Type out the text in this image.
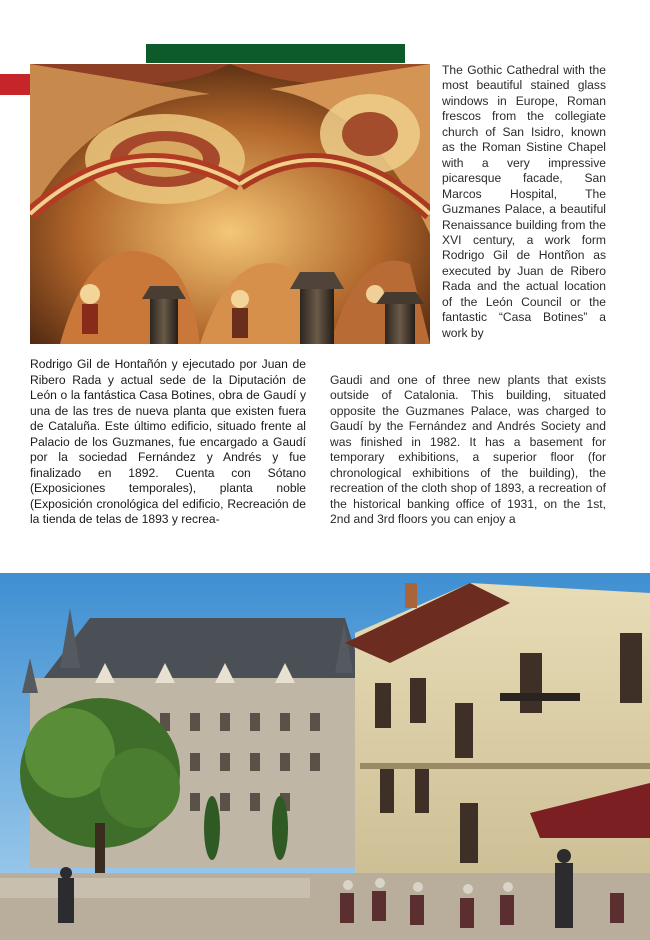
The Gothic Cathedral with the most beautiful stained glass windows in Europe, Roman frescos from the collegiate church of San Isidro, known as the Roman Sistine Chapel with a very impressive picaresque facade, San Marcos Hospital, The Guzmanes Palace, a beautiful Renaissance building from the XVI century, a work form Rodrigo Gil de Hontñon as executed by Juan de Ribero Rada and the actual location of the León Council or the fantastic “Casa Botines” a work by

Rodrigo Gil de Hontañón y ejecutado por Juan de Ribero Rada y actual sede de la Diputación de León o la fantástica Casa Botines, obra de Gaudí y una de las tres de nueva planta que existen fuera de Cataluña. Este último edificio, situado frente al Palacio de los Guzmanes, fue encargado a Gaudí por la sociedad Fernández y Andrés y fue finalizado en 1892. Cuenta con Sótano (Exposiciones temporales), planta noble (Exposición cronológica del edificio, Recreación de la tienda de telas de 1893 y recrea-

Gaudi and one of three new plants that exists outside of Catalonia. This building, situated opposite the Guzmanes Palace, was charged to Gaudí by the Fernández and Andrés Society and was finished in 1982. It has a basement for temporary exhibitions, a superior floor (for chronological exhibitions of the building), the recreation of the cloth shop of 1893, a recreation of the historical banking office of 1931, on the 1st, 2nd and 3rd floors you can enjoy a
